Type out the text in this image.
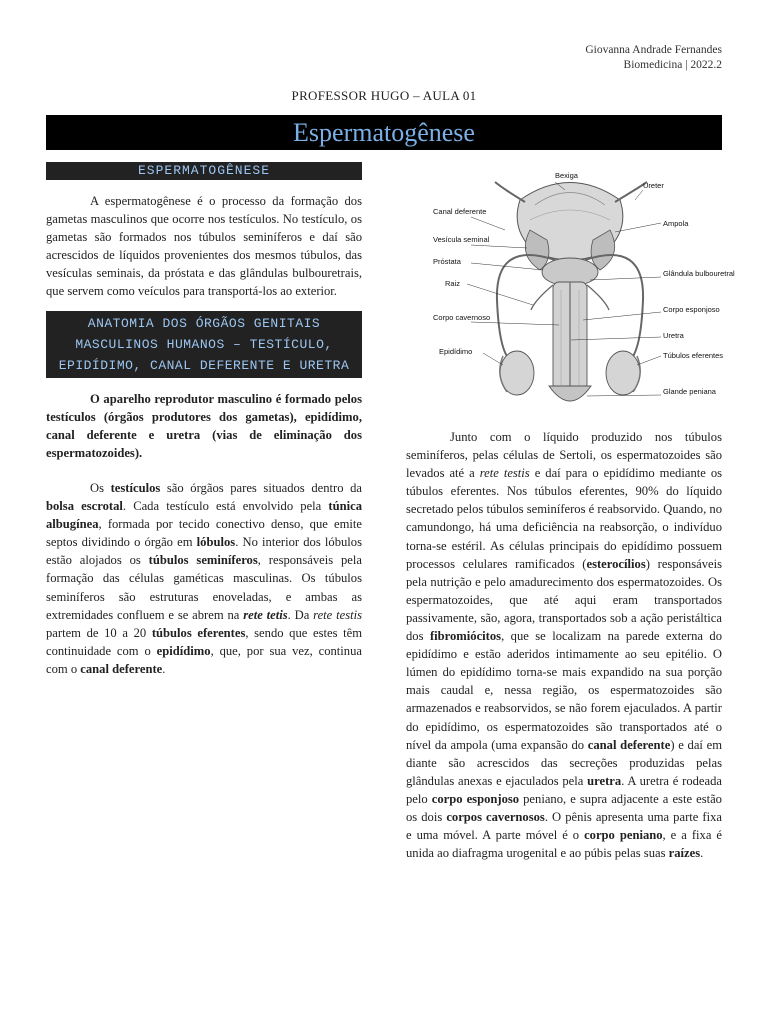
Giovanna Andrade Fernandes
Biomedicina | 2022.2
PROFESSOR HUGO – AULA 01
Espermatogênese
ESPERMATOGÊNESE

A espermatogênese é o processo da formação dos gametas masculinos que ocorre nos testículos. No testículo, os gametas são formados nos túbulos seminíferos e daí são acrescidos de líquidos provenientes dos mesmos túbulos, das vesículas seminais, da próstata e das glândulas bulbouretrais, que servem como veículos para transportá-los ao exterior.

ANATOMIA DOS ÓRGÃOS GENITAIS MASCULINOS HUMANOS – TESTÍCULO, EPIDÍDIMO, CANAL DEFERENTE E URETRA

O aparelho reprodutor masculino é formado pelos testículos (órgãos produtores dos gametas), epidídimo, canal deferente e uretra (vias de eliminação dos espermatozoides).

Os testículos são órgãos pares situados dentro da bolsa escrotal. Cada testículo está envolvido pela túnica albugínea, formada por tecido conectivo denso, que emite septos dividindo o órgão em lóbulos. No interior dos lóbulos estão alojados os túbulos seminíferos, responsáveis pela formação das células gaméticas masculinas. Os túbulos seminíferos são estruturas enoveladas, e ambas as extremidades confluem e se abrem na rete tetis. Da rete testis partem de 10 a 20 túbulos eferentes, sendo que estes têm continuidade com o epidídimo, que, por sua vez, continua com o canal deferente.

Bexiga
Ureter
Canal deferente
Ampola
Vesícula seminal
Próstata
Glândula bulbouretral
Raiz
Corpo esponjoso
Corpo cavernoso
Uretra
Epidídimo	Túbulos eferentes
Glande peniana

Junto com o líquido produzido nos túbulos seminíferos, pelas células de Sertoli, os espermatozoides são levados até a rete testis e daí para o epidídimo mediante os túbulos eferentes. Nos túbulos eferentes, 90% do líquido secretado pelos túbulos seminíferos é reabsorvido. Quando, no camundongo, há uma deficiência na reabsorção, o indivíduo torna-se estéril. As células principais do epidídimo possuem processos celulares ramificados (esterocílios) responsáveis pela nutrição e pelo amadurecimento dos espermatozoides. Os espermatozoides, que até aqui eram transportados passivamente, são, agora, transportados sob a ação peristáltica dos fibromiócitos, que se localizam na parede externa do epidídimo e estão aderidos intimamente ao seu epitélio. O lúmen do epidídimo torna-se mais expandido na sua porção mais caudal e, nessa região, os espermatozoides são armazenados e reabsorvidos, se não forem ejaculados. A partir do epidídimo, os espermatozoides são transportados até o nível da ampola (uma expansão do canal deferente) e daí em diante são acrescidos das secreções produzidas pelas glândulas anexas e ejaculados pela uretra. A uretra é rodeada pelo corpo esponjoso peniano, e supra adjacente a este estão os dois corpos cavernosos. O pênis apresenta uma parte fixa e uma móvel. A parte móvel é o corpo peniano, e a fixa é unida ao diafragma urogenital e ao púbis pelas suas raízes.
